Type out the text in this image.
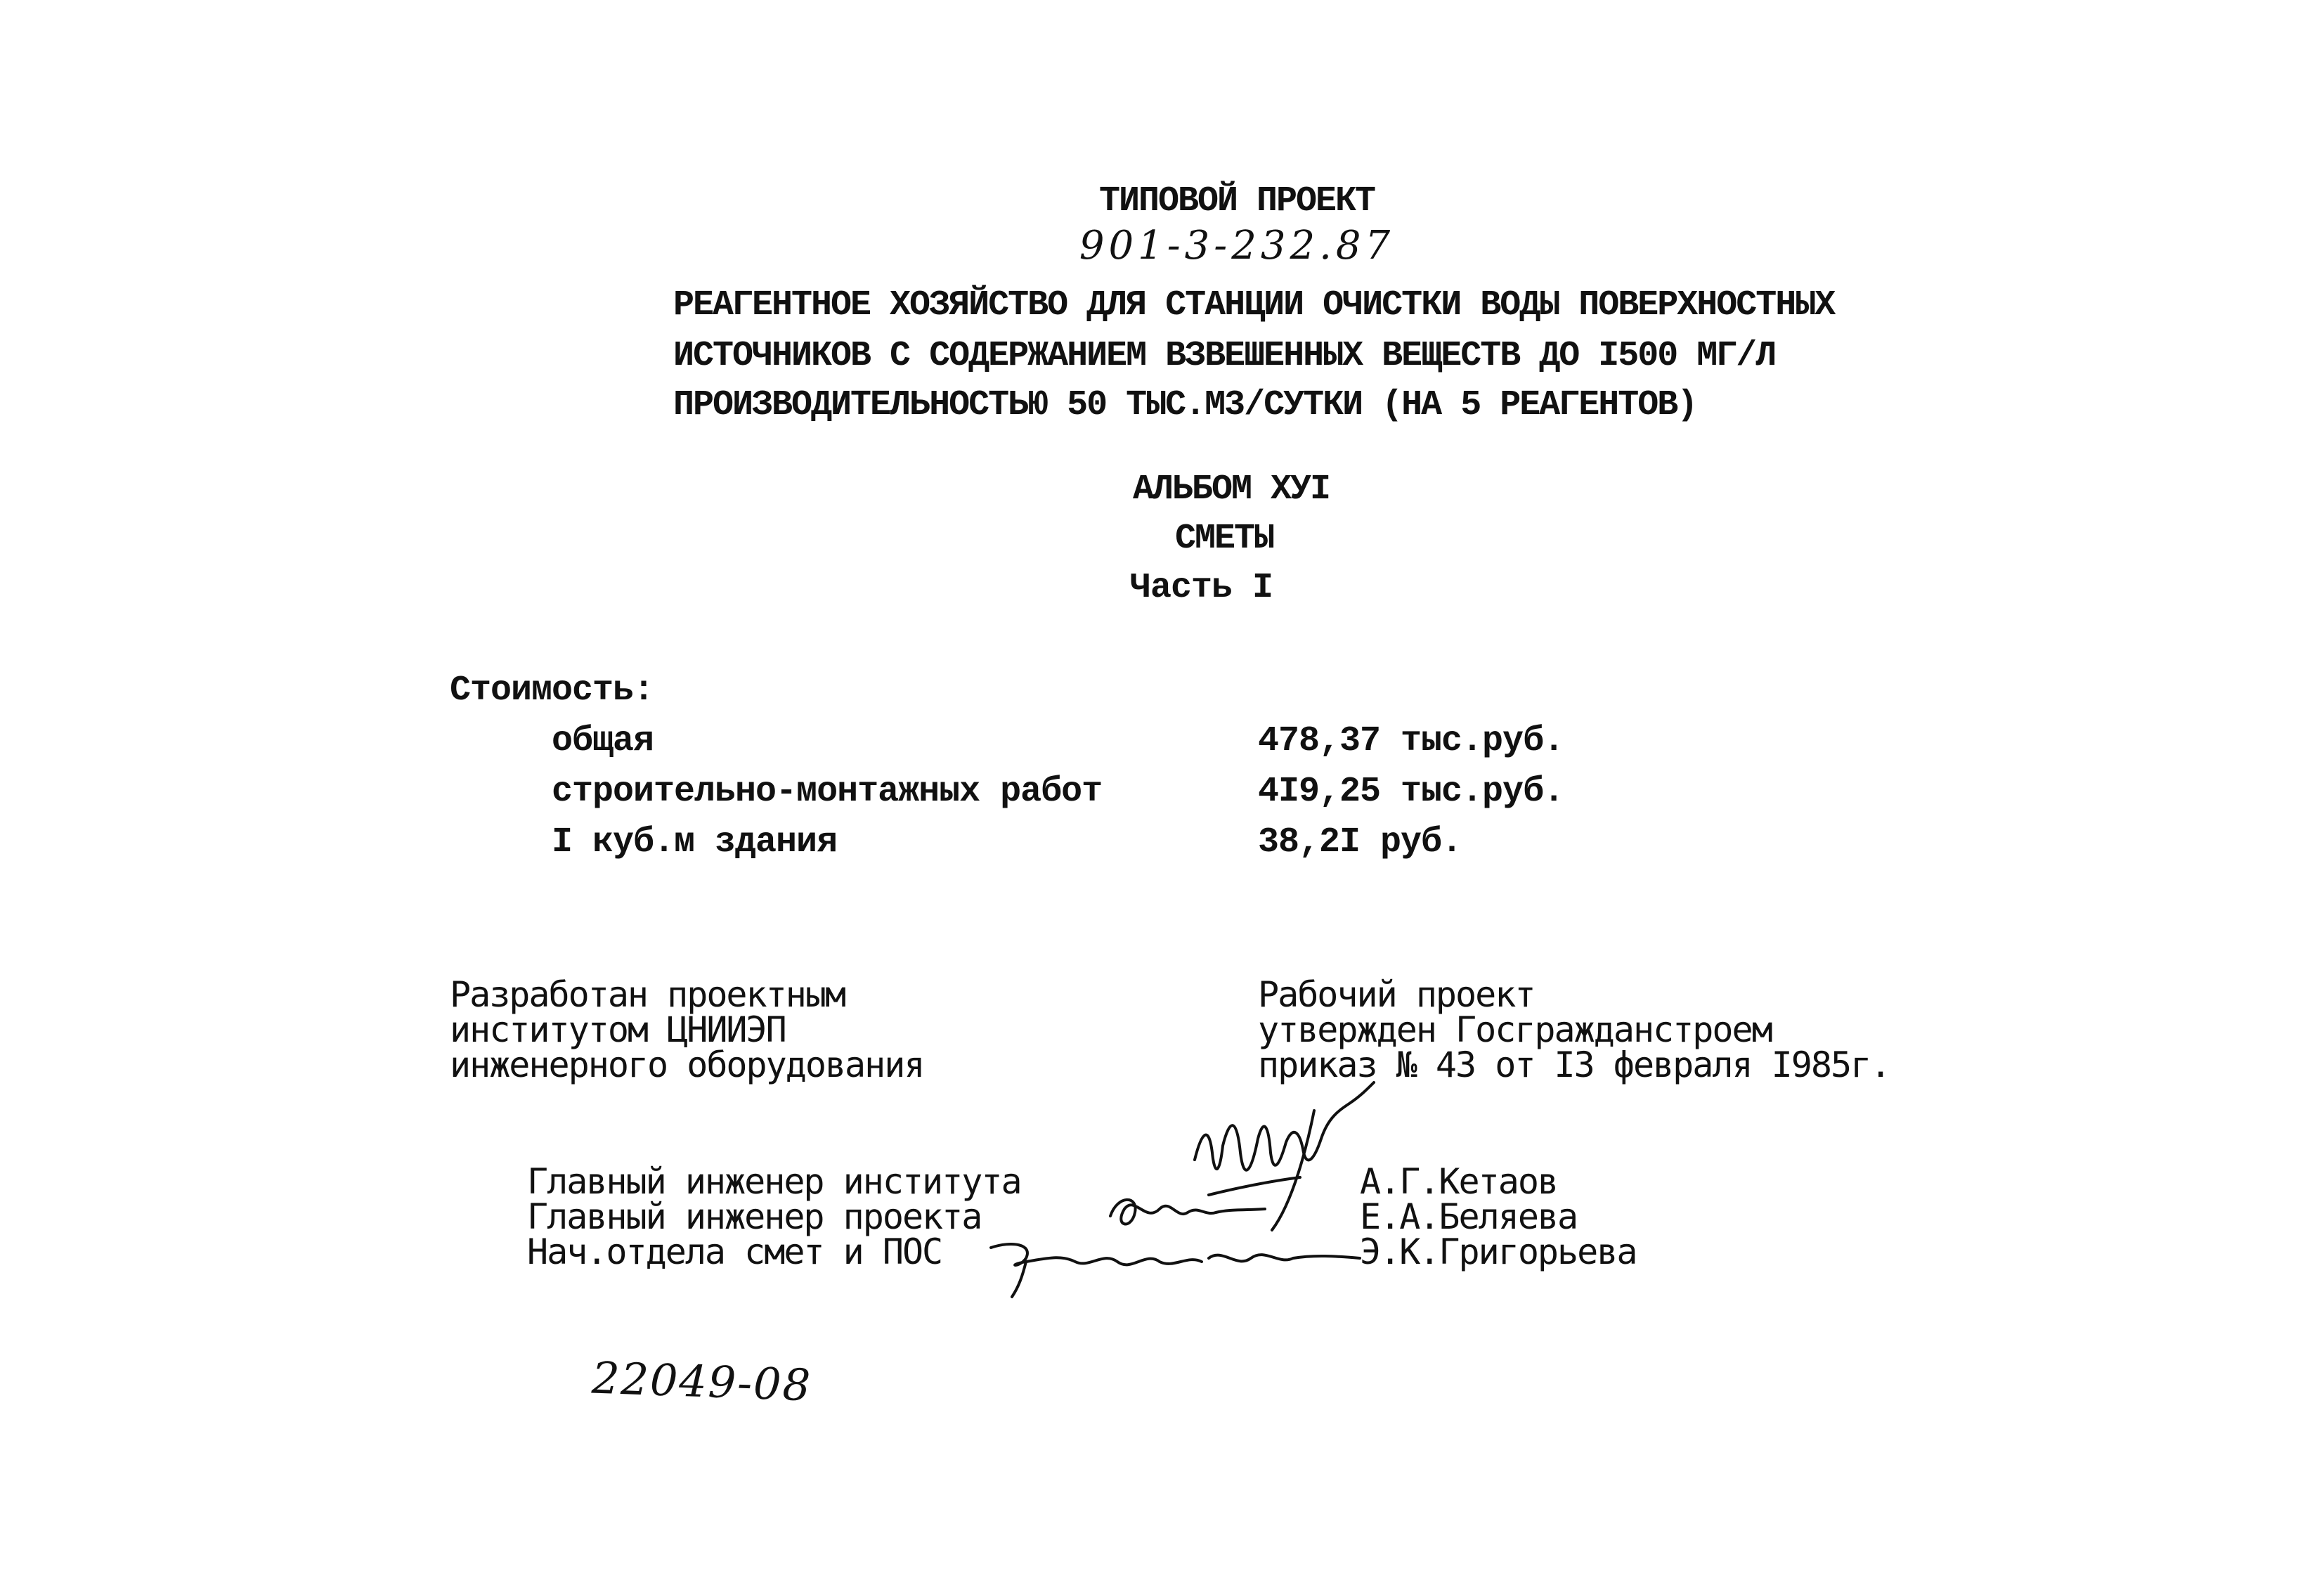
ТИПОВОЙ ПРОЕКТ

901-3-232.87

РЕАГЕНТНОЕ ХОЗЯЙСТВО ДЛЯ СТАНЦИИ ОЧИСТКИ ВОДЫ ПОВЕРХНОСТНЫХ

ИСТОЧНИКОВ С СОДЕРЖАНИЕМ ВЗВЕШЕННЫХ ВЕЩЕСТВ ДО I500 МГ/Л

ПРОИЗВОДИТЕЛЬНОСТЬЮ 50 ТЫС.М3/СУТКИ (НА 5 РЕАГЕНТОВ)

АЛЬБОМ XУI

СМЕТЫ

Часть I

Стоимость:

общая	478,37 тыс.руб.

строительно-монтажных работ	4I9,25 тыс.руб.

I куб.м здания	38,2I руб.

Разработан проектным

институтом ЦНИИЭП

инженерного оборудования

Рабочий проект

утвержден Госгражданстроем

приказ № 43 от I3 февраля I985г.

Главный инженер института	А.Г.Кетаов

Главный инженер проекта	Е.А.Беляева

Нач.отдела смет и ПОС	Э.К.Григорьева

22049-08
